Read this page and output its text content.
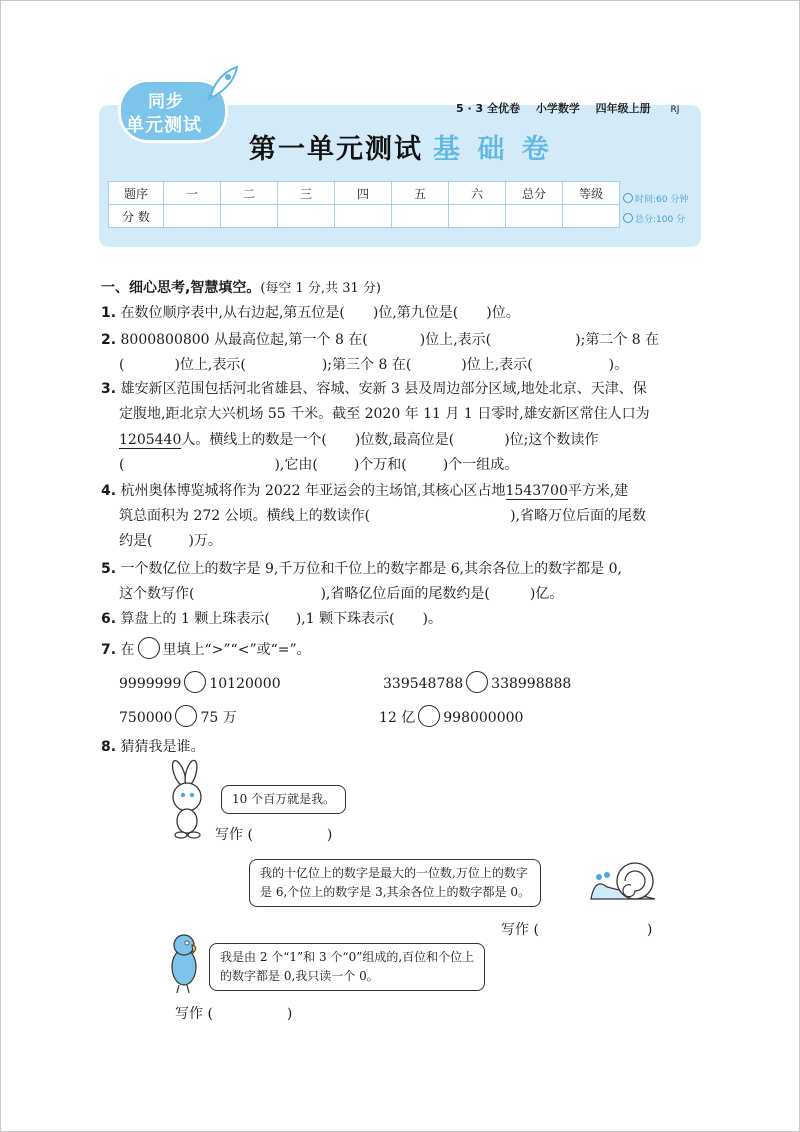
同步
单元测试
5 · 3 全优卷 小学数学 四年级上册 RJ
第一单元测试 基 础 卷
题序	一	二	三	四	五	六	总分	等级
分 数								
时间:60 分钟
总分:100 分
一、细心思考,智慧填空。(每空 1 分,共 31 分)
1. 在数位顺序表中,从右边起,第五位是( )位,第九位是( )位。
2. 8000800800 从最高位起,第一个 8 在(	)位上,表示(	);第二个 8 在
(	)位上,表示(	);第三个 8 在(	)位上,表示(	)。
3. 雄安新区范围包括河北省雄县、容城、安新 3 县及周边部分区域,地处北京、天津、保
定腹地,距北京大兴机场 55 千米。截至 2020 年 11 月 1 日零时,雄安新区常住人口为
1205440人。横线上的数是一个( )位数,最高位是(	)位;这个数读作
(	),它由(	)个万和(	)个一组成。
4. 杭州奥体博览城将作为 2022 年亚运会的主场馆,其核心区占地1543700平方米,建
筑总面积为 272 公顷。横线上的数读作(	),省略万位后面的尾数
约是(	)万。
5. 一个数亿位上的数字是 9,千万位和千位上的数字都是 6,其余各位上的数字都是 0,
这个数写作(	),省略亿位后面的尾数约是(	)亿。
6. 算盘上的 1 颗上珠表示( ),1 颗下珠表示( )。
7. 在 里填上“>”“<”或“=”。
9999999 10120000	339548788 338998888
750000 75 万	12 亿 998000000
8. 猜猜我是谁。
10 个百万就是我。
写作 (	)
我的十亿位上的数字是最大的一位数,万位上的数字
是 6,个位上的数字是 3,其余各位上的数字都是 0。
写作 (	)
我是由 2 个“1”和 3 个“0”组成的,百位和个位上
的数字都是 0,我只读一个 0。
写作 (	)
